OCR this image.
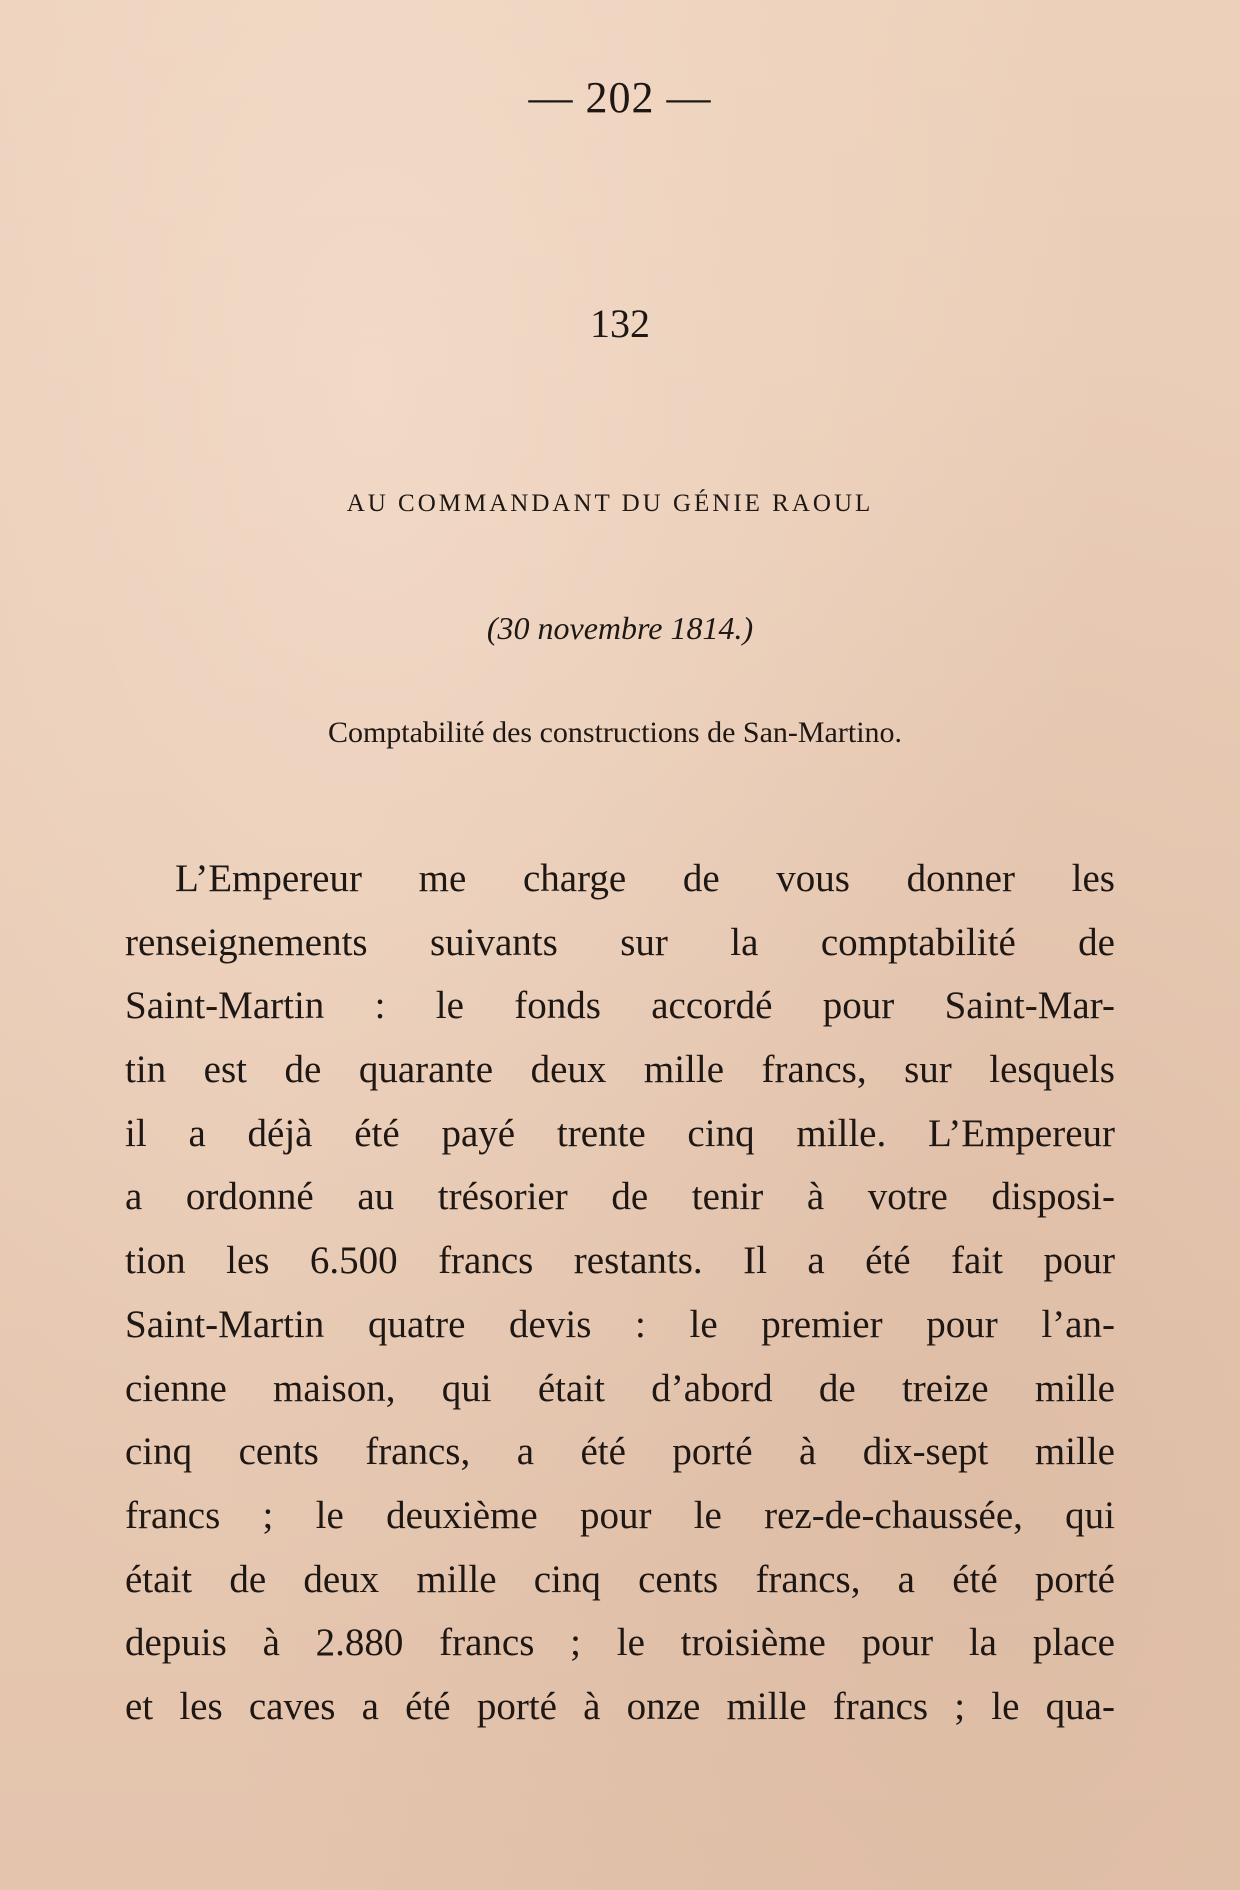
— 202 —
132
AU COMMANDANT DU GÉNIE RAOUL
(30 novembre 1814.)
Comptabilité des constructions de San-Martino.
L’Empereur me charge de vous donner les
renseignements suivants sur la comptabilité de
Saint-Martin : le fonds accordé pour Saint-Mar-
tin est de quarante deux mille francs, sur lesquels
il a déjà été payé trente cinq mille. L’Empereur
a ordonné au trésorier de tenir à votre disposi-
tion les 6.500 francs restants. Il a été fait pour
Saint-Martin quatre devis : le premier pour l’an-
cienne maison, qui était d’abord de treize mille
cinq cents francs, a été porté à dix-sept mille
francs ; le deuxième pour le rez-de-chaussée, qui
était de deux mille cinq cents francs, a été porté
depuis à 2.880 francs ; le troisième pour la place
et les caves a été porté à onze mille francs ; le qua-
